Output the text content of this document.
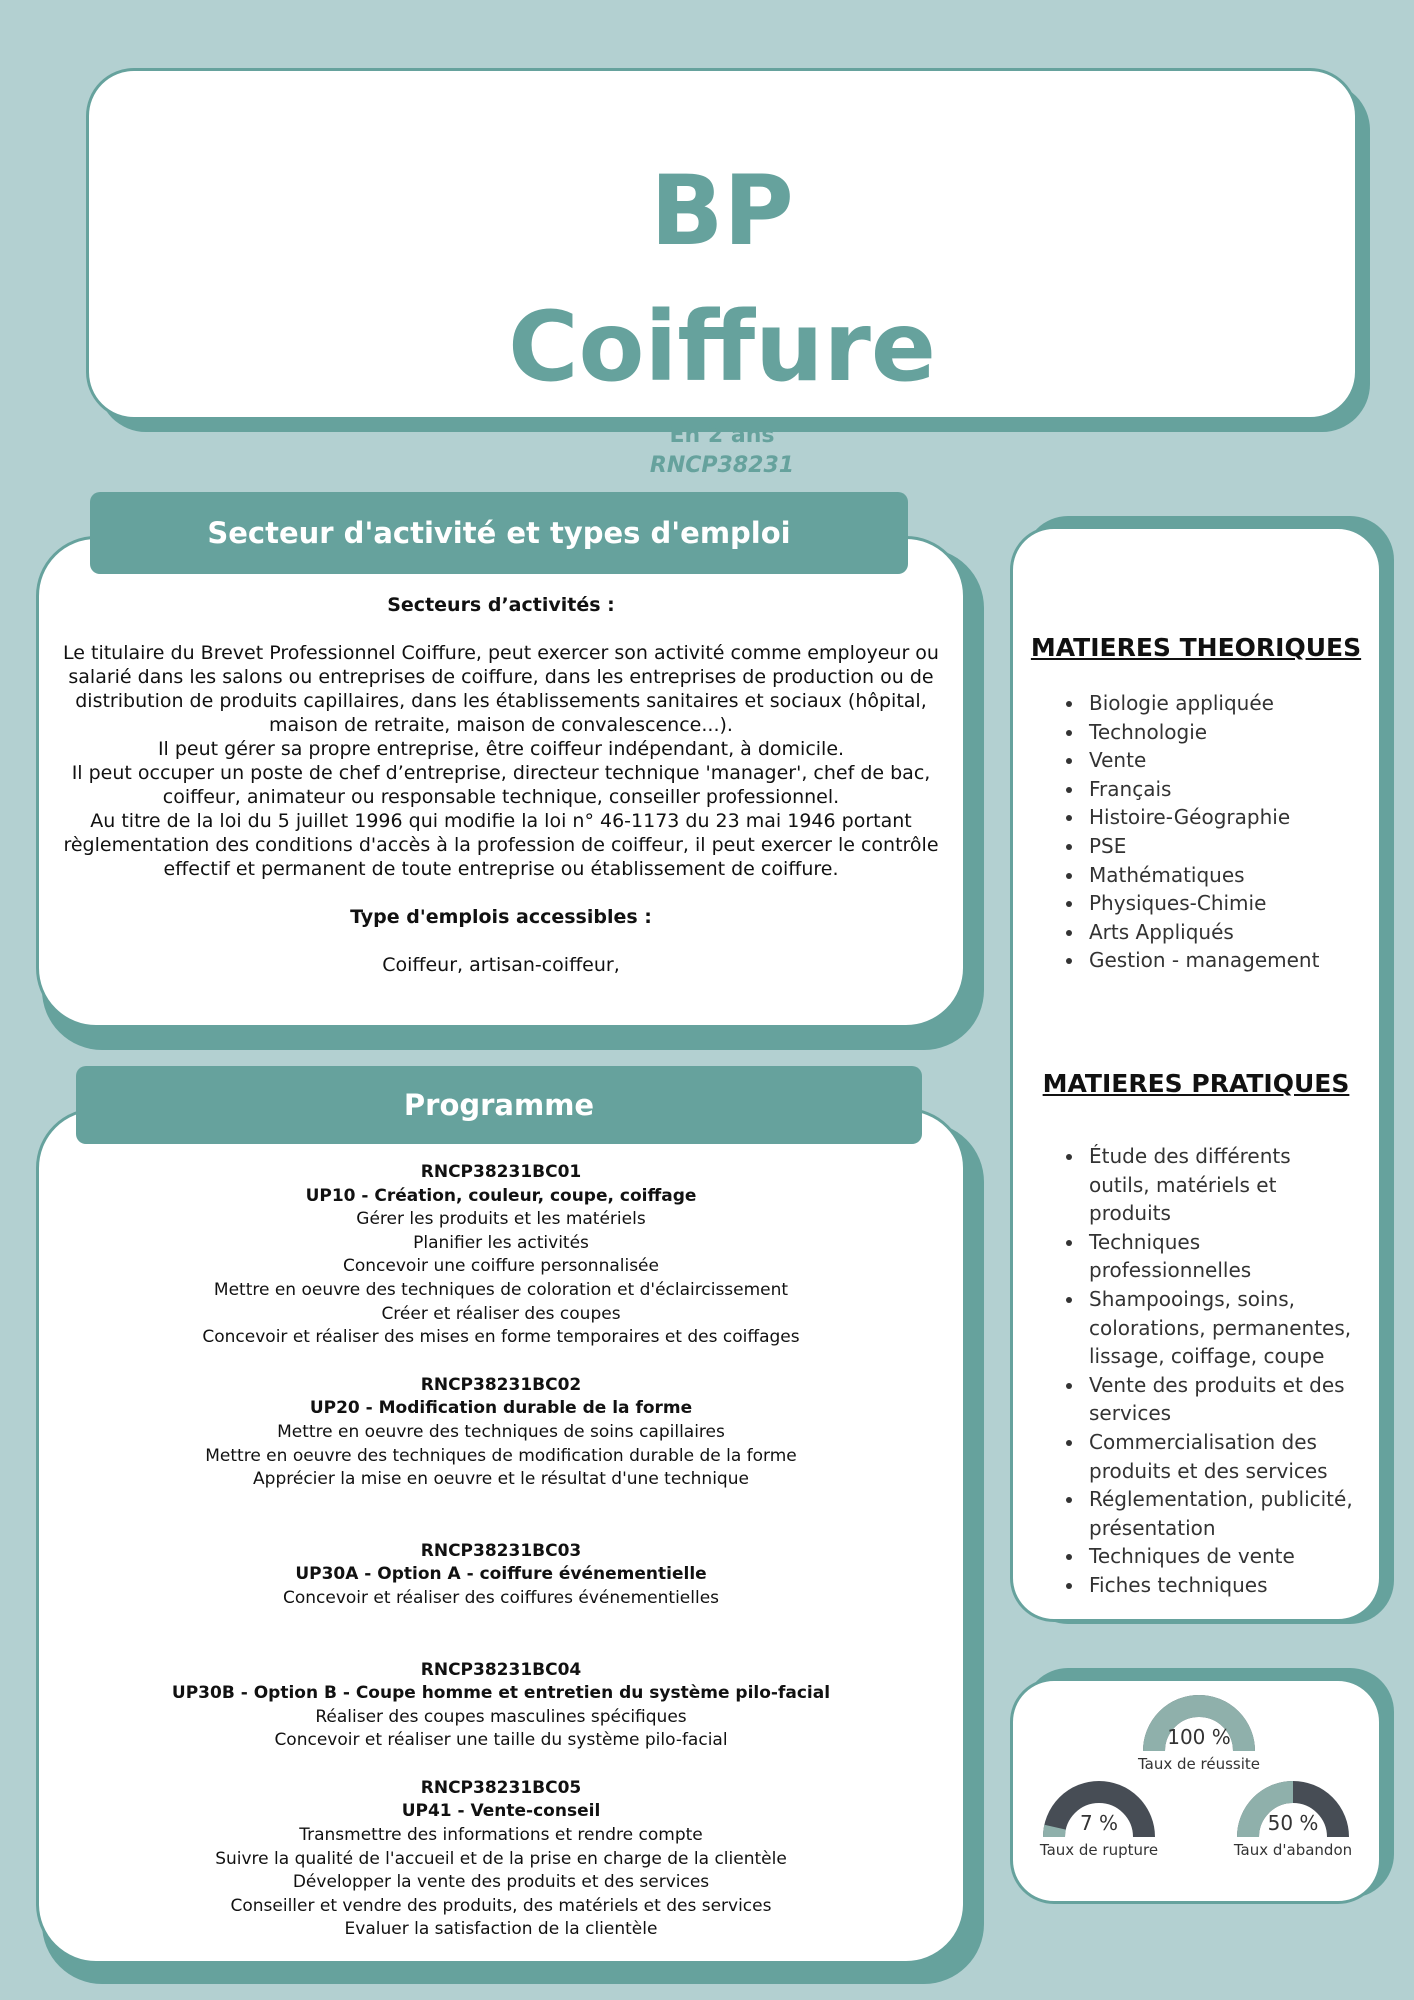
BP
Coiffure
En 2 ans
RNCP38231

Secteurs d’activités :

Le titulaire du Brevet Professionnel Coiffure, peut exercer son activité comme employeur ou salarié dans les salons ou entreprises de coiffure, dans les entreprises de production ou de distribution de produits capillaires, dans les établissements sanitaires et sociaux (hôpital, maison de retraite, maison de convalescence...).

Il peut gérer sa propre entreprise, être coiffeur indépendant, à domicile.

Il peut occuper un poste de chef d’entreprise, directeur technique 'manager', chef de bac, coiffeur, animateur ou responsable technique, conseiller professionnel.

Au titre de la loi du 5 juillet 1996 qui modifie la loi n° 46-1173 du 23 mai 1946 portant règlementation des conditions d'accès à la profession de coiffeur, il peut exercer le contrôle effectif et permanent de toute entreprise ou établissement de coiffure.

Type d'emplois accessibles :

Coiffeur, artisan-coiffeur,

Secteur d'activité et types d'emploi
RNCP38231BC01
UP10 - Création, couleur, coupe, coiffage
Gérer les produits et les matériels
Planifier les activités
Concevoir une coiffure personnalisée
Mettre en oeuvre des techniques de coloration et d'éclaircissement
Créer et réaliser des coupes
Concevoir et réaliser des mises en forme temporaires et des coiffages
RNCP38231BC02
UP20 - Modification durable de la forme
Mettre en oeuvre des techniques de soins capillaires
Mettre en oeuvre des techniques de modification durable de la forme
Apprécier la mise en oeuvre et le résultat d'une technique
RNCP38231BC03
UP30A - Option A - coiffure événementielle
Concevoir et réaliser des coiffures événementielles
RNCP38231BC04
UP30B - Option B - Coupe homme et entretien du système pilo-facial
Réaliser des coupes masculines spécifiques
Concevoir et réaliser une taille du système pilo-facial
RNCP38231BC05
UP41 - Vente-conseil
Transmettre des informations et rendre compte
Suivre la qualité de l'accueil et de la prise en charge de la clientèle
Développer la vente des produits et des services
Conseiller et vendre des produits, des matériels et des services
Evaluer la satisfaction de la clientèle
Programme
MATIERES THEORIQUES
• Biologie appliquée
• Technologie
• Vente
• Français
• Histoire-Géographie
• PSE
• Mathématiques
• Physiques-Chimie
• Arts Appliqués
• Gestion - management
MATIERES PRATIQUES
• Étude des différents outils, matériels et produits
• Techniques professionnelles
• Shampooings, soins, colorations, permanentes, lissage, coiffage, coupe
• Vente des produits et des services
• Commercialisation des produits et des services
• Réglementation, publicité, présentation
• Techniques de vente
• Fiches techniques
100 %
Taux de réussite
7 %
Taux de rupture
50 %
Taux d'abandon
